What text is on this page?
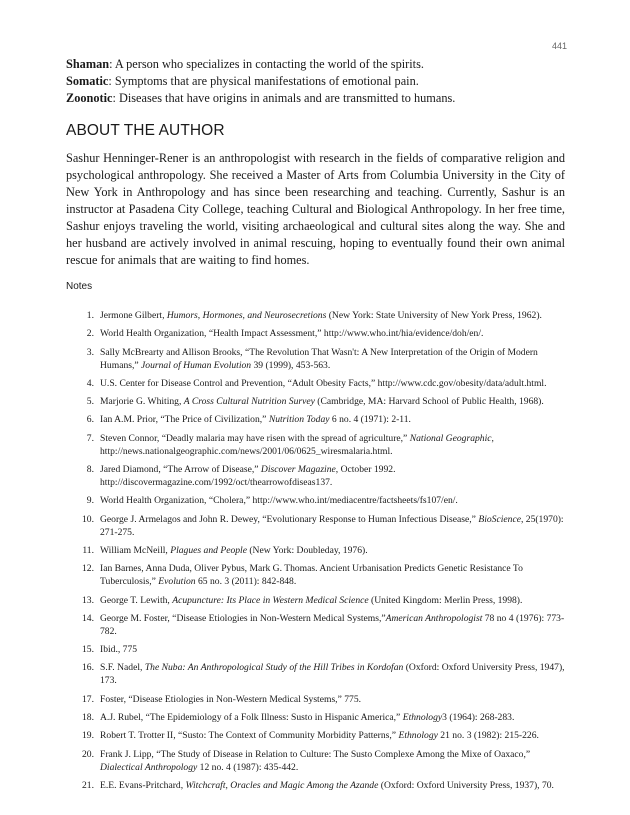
441
Shaman: A person who specializes in contacting the world of the spirits.
Somatic: Symptoms that are physical manifestations of emotional pain.
Zoonotic: Diseases that have origins in animals and are transmitted to humans.
ABOUT THE AUTHOR

Sashur Henninger-Rener is an anthropologist with research in the fields of comparative religion and psychological anthropology. She received a Master of Arts from Columbia University in the City of New York in Anthropology and has since been researching and teaching. Currently, Sashur is an instructor at Pasadena City College, teaching Cultural and Biological Anthropology. In her free time, Sashur enjoys traveling the world, visiting archaeological and cultural sites along the way. She and her husband are actively involved in animal rescuing, hoping to eventually found their own animal rescue for animals that are waiting to find homes.

Notes
1. Jermone Gilbert, Humors, Hormones, and Neurosecretions (New York: State University of New York Press, 1962).
2. World Health Organization, “Health Impact Assessment,” http://www.who.int/hia/evidence/doh/en/.
3. Sally McBrearty and Allison Brooks, “The Revolution That Wasn't: A New Interpretation of the Origin of Modern Humans,” Journal of Human Evolution 39 (1999), 453-563.
4. U.S. Center for Disease Control and Prevention, “Adult Obesity Facts,” http://www.cdc.gov/obesity/data/adult.html.
5. Marjorie G. Whiting, A Cross Cultural Nutrition Survey (Cambridge, MA: Harvard School of Public Health, 1968).
6. Ian A.M. Prior, “The Price of Civilization,” Nutrition Today 6 no. 4 (1971): 2-11.
7. Steven Connor, “Deadly malaria may have risen with the spread of agriculture,” National Geographic, http://news.nationalgeographic.com/news/2001/06/0625_wiresmalaria.html.
8. Jared Diamond, “The Arrow of Disease,” Discover Magazine, October 1992. http://discovermagazine.com/1992/oct/thearrowofdiseas137.
9. World Health Organization, “Cholera,” http://www.who.int/mediacentre/factsheets/fs107/en/.
10. George J. Armelagos and John R. Dewey, “Evolutionary Response to Human Infectious Disease,” BioScience, 25(1970): 271-275.
11. William McNeill, Plagues and People (New York: Doubleday, 1976).
12. Ian Barnes, Anna Duda, Oliver Pybus, Mark G. Thomas. Ancient Urbanisation Predicts Genetic Resistance To Tuberculosis,” Evolution 65 no. 3 (2011): 842-848.
13. George T. Lewith, Acupuncture: Its Place in Western Medical Science (United Kingdom: Merlin Press, 1998).
14. George M. Foster, “Disease Etiologies in Non-Western Medical Systems,”American Anthropologist 78 no 4 (1976): 773-782.
15. Ibid., 775
16. S.F. Nadel, The Nuba: An Anthropological Study of the Hill Tribes in Kordofan (Oxford: Oxford University Press, 1947), 173.
17. Foster, “Disease Etiologies in Non-Western Medical Systems,” 775.
18. A.J. Rubel, “The Epidemiology of a Folk Illness: Susto in Hispanic America,” Ethnology3 (1964): 268-283.
19. Robert T. Trotter II, “Susto: The Context of Community Morbidity Patterns,” Ethnology 21 no. 3 (1982): 215-226.
20. Frank J. Lipp, “The Study of Disease in Relation to Culture: The Susto Complexe Among the Mixe of Oaxaco,” Dialectical Anthropology 12 no. 4 (1987): 435-442.
21. E.E. Evans-Pritchard, Witchcraft, Oracles and Magic Among the Azande (Oxford: Oxford University Press, 1937), 70.
